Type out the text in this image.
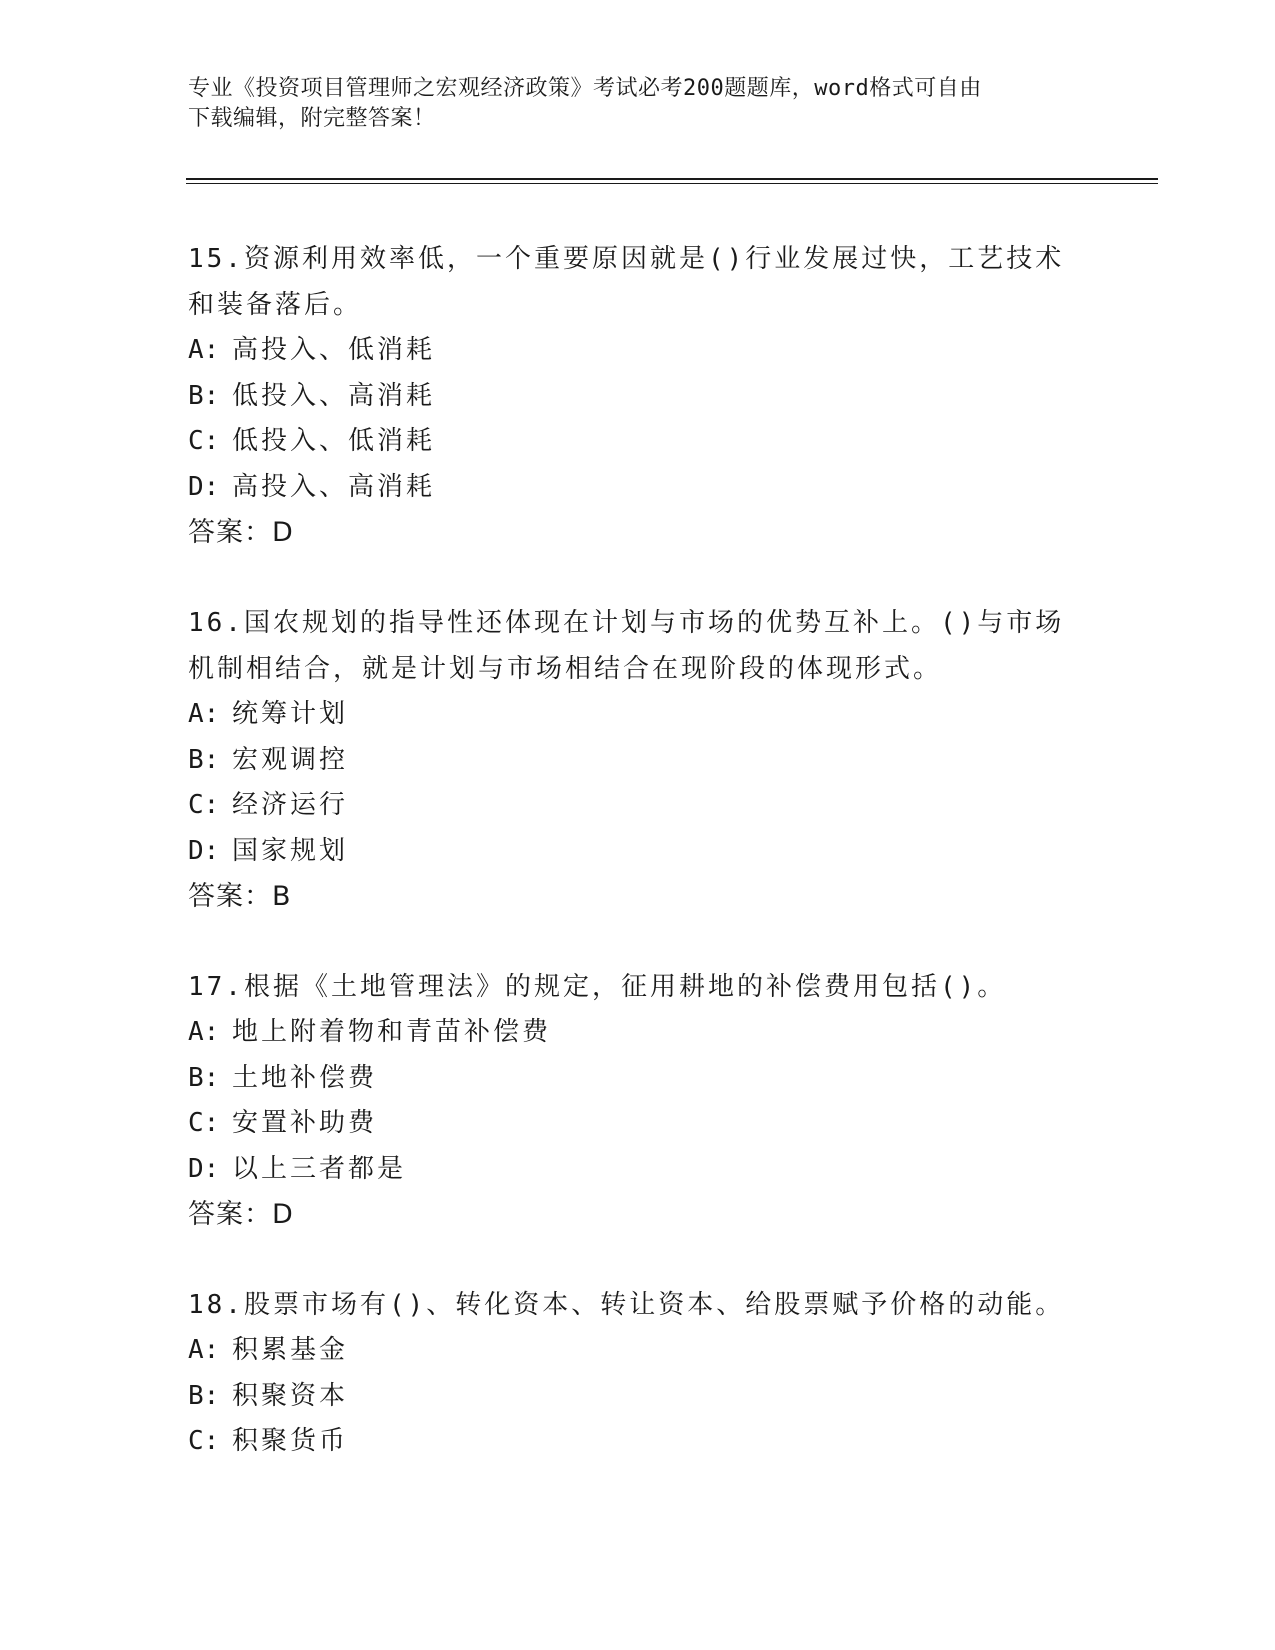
专业《投资项目管理师之宏观经济政策》考试必考200题题库，word格式可自由
下载编辑，附完整答案！
15.资源利用效率低，一个重要原因就是()行业发展过快，工艺技术和装备落后。
A: 高投入、低消耗
B: 低投入、高消耗
C: 低投入、低消耗
D: 高投入、高消耗
答案：D
16.国农规划的指导性还体现在计划与市场的优势互补上。()与市场机制相结合，就是计划与市场相结合在现阶段的体现形式。
A: 统筹计划
B: 宏观调控
C: 经济运行
D: 国家规划
答案：B
17.根据《土地管理法》的规定，征用耕地的补偿费用包括()。
A: 地上附着物和青苗补偿费
B: 土地补偿费
C: 安置补助费
D: 以上三者都是
答案：D
18.股票市场有()、转化资本、转让资本、给股票赋予价格的动能。
A: 积累基金
B: 积聚资本
C: 积聚货币
